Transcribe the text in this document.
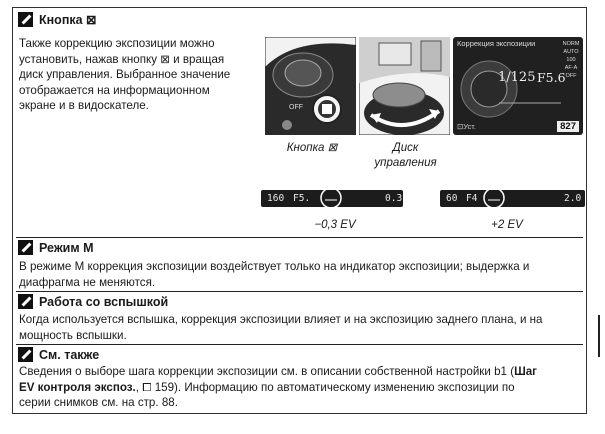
Кнопка ⊠
Также коррекцию экспозиции можно
установить, нажав кнопку ⊠ и вращая
диск управления. Выбранное значение
отображается на информационном
экране и в видоскателе.	OFF
Коррекция экспозиции
1/125 F5.6
NORM
AUTO
100
AF-A
OFF
⊡Уст.	827
Кнопка ⊠	Диск
управления
160 F5.	0.3	60 F4	2.0
−0,3 EV	+2 EV
Режим M
В режиме M коррекция экспозиции воздействует только на индикатор экспозиции; выдержка и
диафрагма не меняются.
Работа со вспышкой
Когда используется вспышка, коррекция экспозиции влияет и на экспозицию заднего плана, и на
мощность вспышки.
См. также
Сведения о выборе шага коррекции экспозиции см. в описании собственной настройки b1 (Шаг
EV контроля экспоз., ⧠ 159). Информацию по автоматическому изменению экспозиции по
серии снимков см. на стр. 88.
